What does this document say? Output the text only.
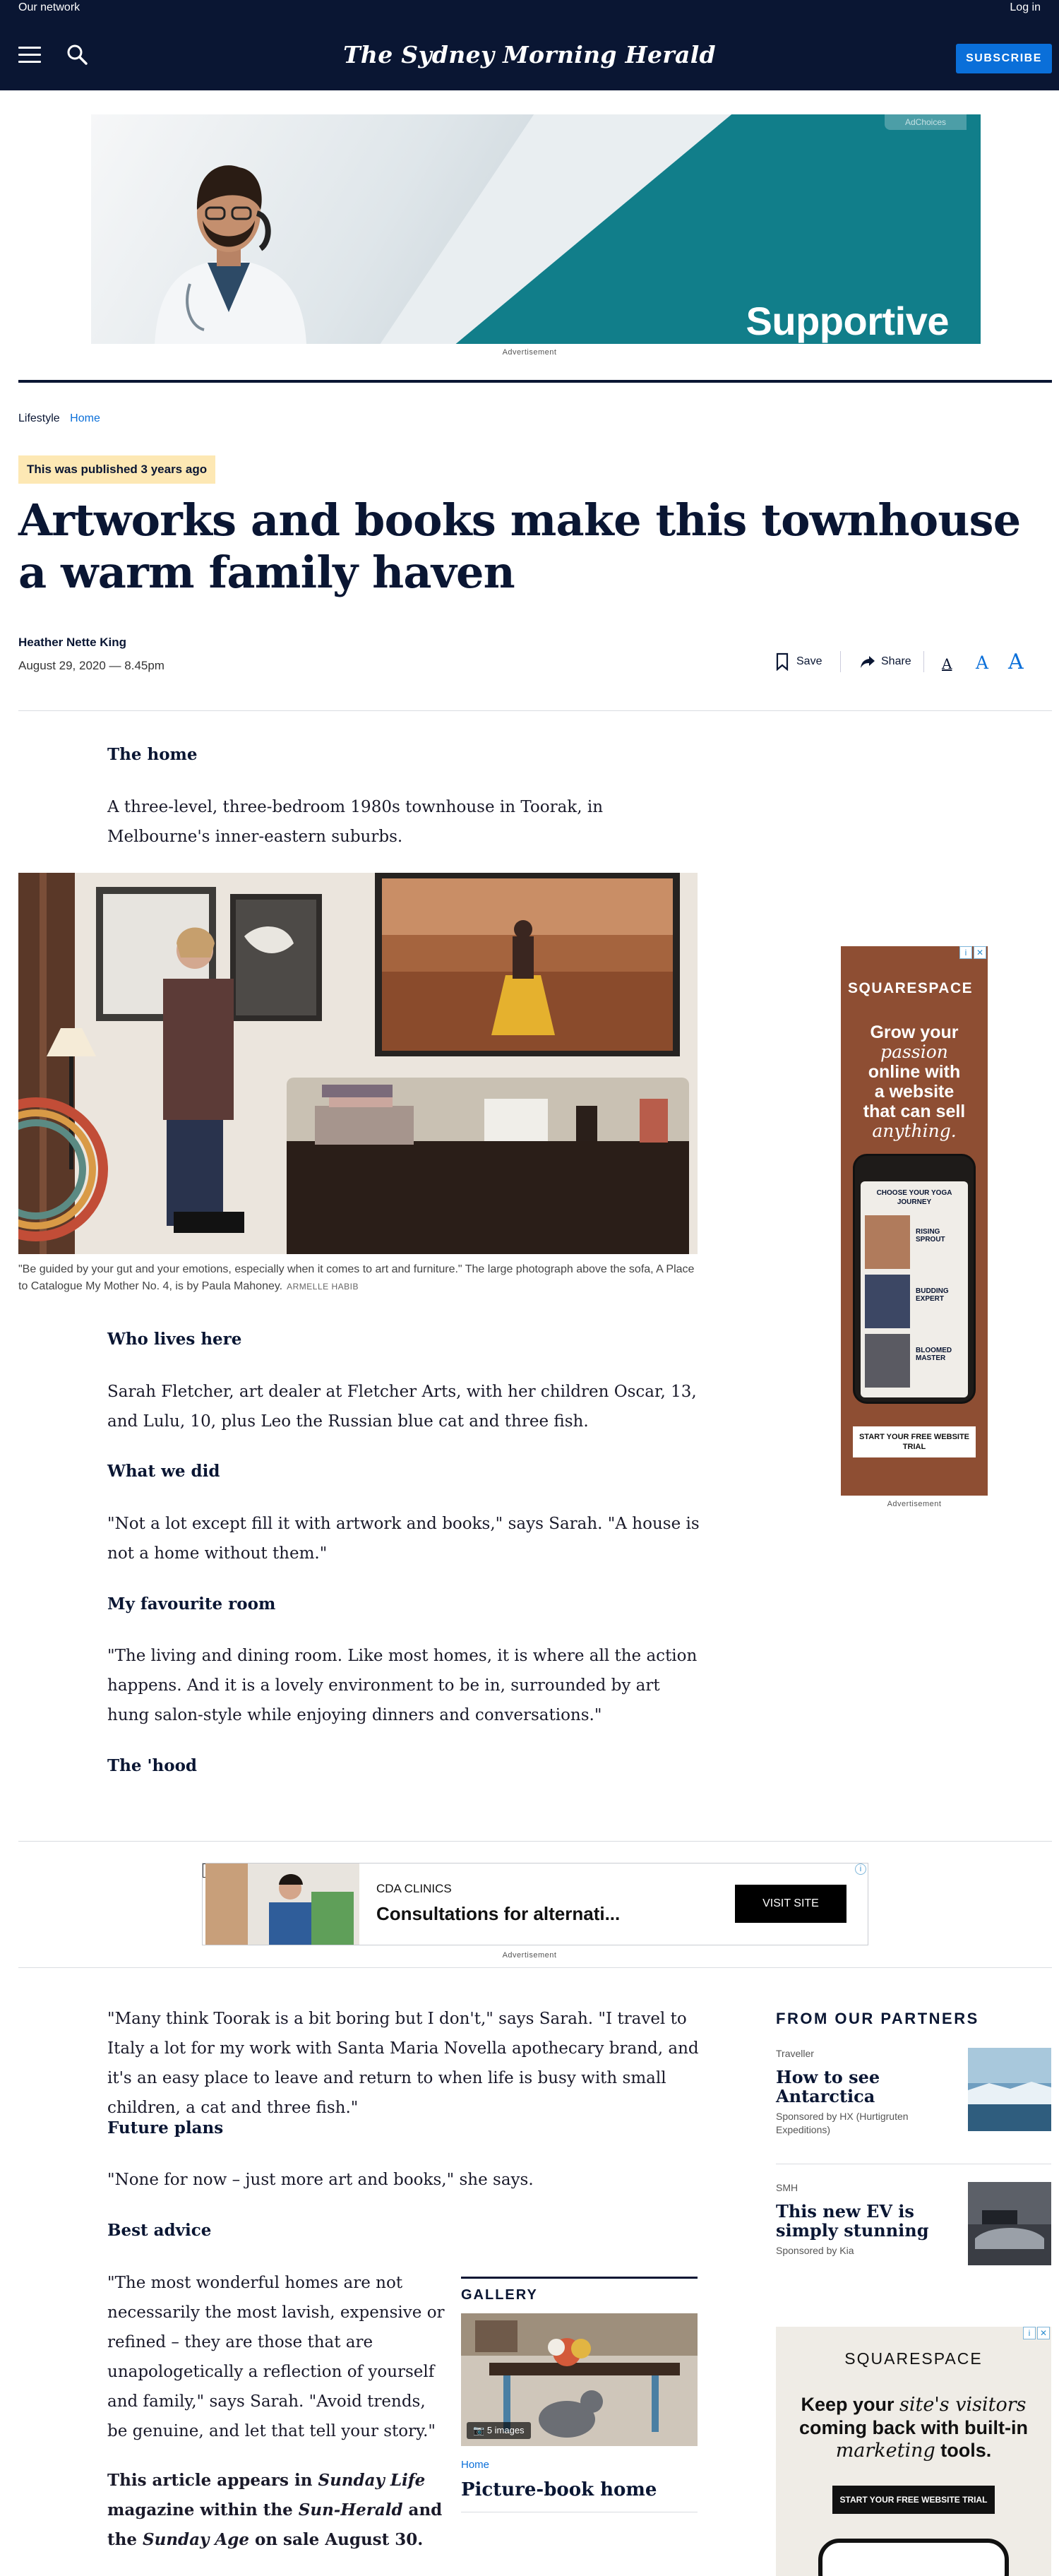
Our network	Log in
The Sydney Morning Herald	SUBSCRIBE
AdChoices
Supportive
Advertisement
Lifestyle Home
This was published 3 years ago
Artworks and books make this townhouse a warm family haven
Heather Nette King
August 29, 2020 — 8.45pm	Save	Share A A A
The home

A three-level, three-bedroom 1980s townhouse in Toorak, in Melbourne's inner-eastern suburbs.

"Be guided by your gut and your emotions, especially when it comes to art and furniture." The large photograph above the sofa, A Place to Catalogue My Mother No. 4, is by Paula Mahoney. ARMELLE HABIB
Who lives here

Sarah Fletcher, art dealer at Fletcher Arts, with her children Oscar, 13, and Lulu, 10, plus Leo the Russian blue cat and three fish.

What we did

"Not a lot except fill it with artwork and books," says Sarah. "A house is not a home without them."

My favourite room

"The living and dining room. Like most homes, it is where all the action happens. And it is a lovely environment to be in, surrounded by art hung salon-style while enjoying dinners and conversations."

The 'hood
i	✕
SQUARESPACE
Grow your
passion
online with
a website
that can sell
anything.
CHOOSE YOUR YOGA JOURNEY
RISING SPROUT
BUDDING EXPERT
BLOOMED MASTER
START YOUR FREE WEBSITE TRIAL
Advertisement
i
CDA CLINICS
Consultations for alternati...	VISIT SITE
Advertisement

"Many think Toorak is a bit boring but I don't," says Sarah. "I travel to Italy a lot for my work with Santa Maria Novella apothecary brand, and it's an easy place to leave and return to when life is busy with small children, a cat and three fish."

Future plans

"None for now – just more art and books," she says.

Best advice

"The most wonderful homes are not necessarily the most lavish, expensive or refined – they are those that are unapologetically a reflection of yourself and family," says Sarah. "Avoid trends, be genuine, and let that tell your story."

This article appears in Sunday Life magazine within the Sun-Herald and the Sunday Age on sale August 30.

GALLERY
📷 5 images
Home
Picture-book home
FROM OUR PARTNERS
Traveller
How to see Antarctica
Sponsored by HX (Hurtigruten Expeditions)
SMH
This new EV is simply stunning
Sponsored by Kia
i	✕
SQUARESPACE
Keep your site's visitors
coming back with built-in
marketing tools.
START YOUR FREE WEBSITE TRIAL
